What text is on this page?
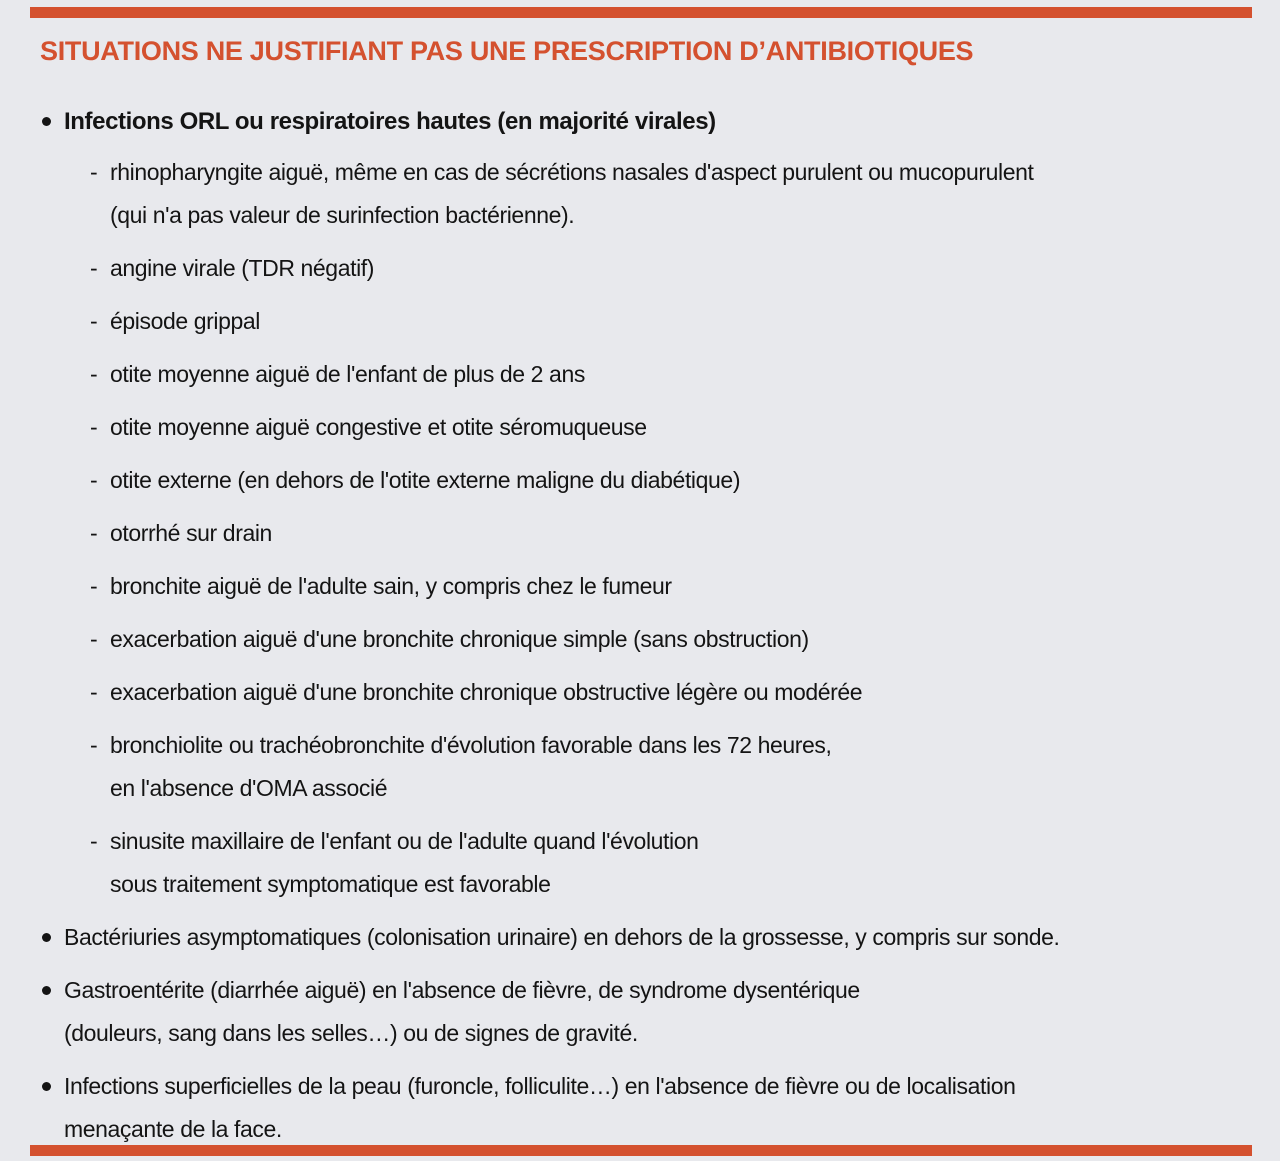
SITUATIONS NE JUSTIFIANT PAS UNE PRESCRIPTION D’ANTIBIOTIQUES
Infections ORL ou respiratoires hautes (en majorité virales)
- rhinopharyngite aiguë, même en cas de sécrétions nasales d'aspect purulent ou mucopurulent
(qui n'a pas valeur de surinfection bactérienne).
- angine virale (TDR négatif)
- épisode grippal
- otite moyenne aiguë de l'enfant de plus de 2 ans
- otite moyenne aiguë congestive et otite séromuqueuse
- otite externe (en dehors de l'otite externe maligne du diabétique)
- otorrhé sur drain
- bronchite aiguë de l'adulte sain, y compris chez le fumeur
- exacerbation aiguë d'une bronchite chronique simple (sans obstruction)
- exacerbation aiguë d'une bronchite chronique obstructive légère ou modérée
- bronchiolite ou trachéobronchite d'évolution favorable dans les 72 heures,
en l'absence d'OMA associé
- sinusite maxillaire de l'enfant ou de l'adulte quand l'évolution
sous traitement symptomatique est favorable
Bactériuries asymptomatiques (colonisation urinaire) en dehors de la grossesse, y compris sur sonde.
Gastroentérite (diarrhée aiguë) en l'absence de fièvre, de syndrome dysentérique
(douleurs, sang dans les selles…) ou de signes de gravité.
Infections superficielles de la peau (furoncle, folliculite…) en l'absence de fièvre ou de localisation
menaçante de la face.
